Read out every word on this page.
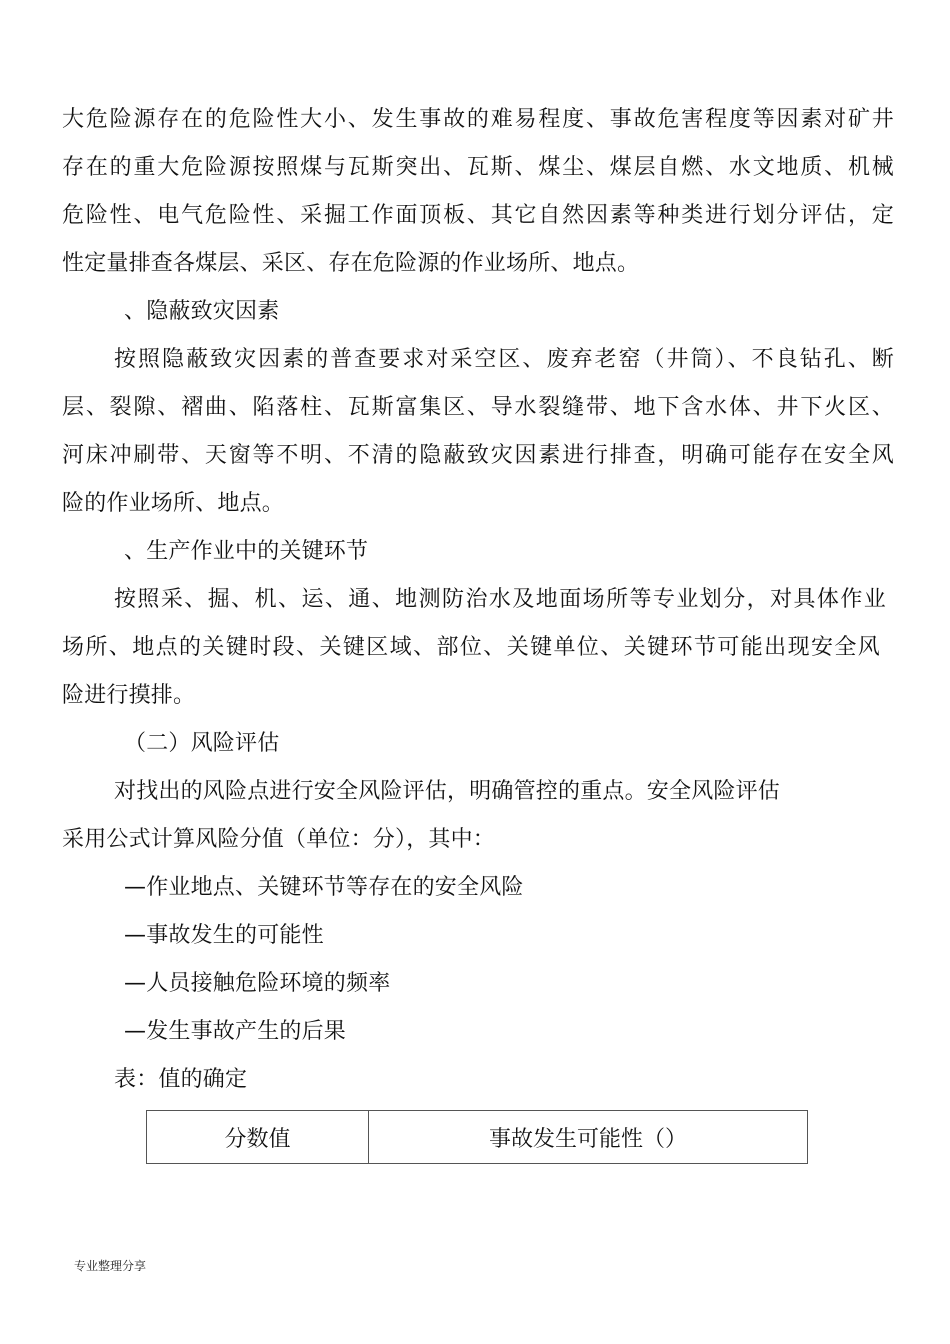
大危险源存在的危险性大小、发生事故的难易程度、事故危害程度等因素对矿井
存在的重大危险源按照煤与瓦斯突出、瓦斯、煤尘、煤层自燃、水文地质、机械
危险性、电气危险性、采掘工作面顶板、其它自然因素等种类进行划分评估，定
性定量排查各煤层、采区、存在危险源的作业场所、地点。
、隐蔽致灾因素
按照隐蔽致灾因素的普查要求对采空区、废弃老窑（井筒）、不良钻孔、断
层、裂隙、褶曲、陷落柱、瓦斯富集区、导水裂缝带、地下含水体、井下火区、
河床冲刷带、天窗等不明、不清的隐蔽致灾因素进行排查，明确可能存在安全风
险的作业场所、地点。
、生产作业中的关键环节
按照采、掘、机、运、通、地测防治水及地面场所等专业划分，对具体作业
场所、地点的关键时段、关键区域、部位、关键单位、关键环节可能出现安全风
险进行摸排。
（二）风险评估
对找出的风险点进行安全风险评估，明确管控的重点。安全风险评估
采用公式计算风险分值（单位：分），其中：
—作业地点、关键环节等存在的安全风险
—事故发生的可能性
—人员接触危险环境的频率
—发生事故产生的后果
表：值的确定
分数值	事故发生可能性（）
专业整理分享
